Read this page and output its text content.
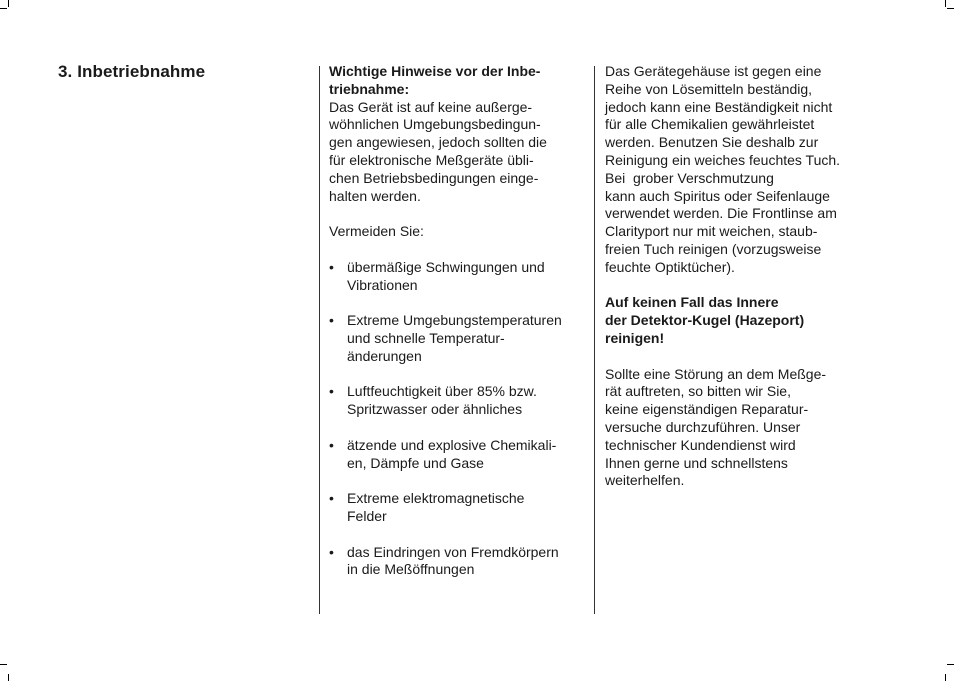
3. Inbetriebnahme	Wichtige Hinweise vor der Inbe-
triebnahme:
Das Gerät ist auf keine außerge-
wöhnlichen Umgebungsbedingun-
gen angewiesen, jedoch sollten die
für elektronische Meßgeräte übli-
chen Betriebsbedingungen einge-
halten werden.
Vermeiden Sie:
• übermäßige Schwingungen und
Vibrationen
• Extreme Umgebungstemperaturen
und schnelle Temperatur-
änderungen
• Luftfeuchtigkeit über 85% bzw.
Spritzwasser oder ähnliches
• ätzende und explosive Chemikali-
en, Dämpfe und Gase
• Extreme elektromagnetische
Felder
• das Eindringen von Fremdkörpern
in die Meßöffnungen
Das Gerätegehäuse ist gegen eine
Reihe von Lösemitteln beständig,
jedoch kann eine Beständigkeit nicht
für alle Chemikalien gewährleistet
werden. Benutzen Sie deshalb zur
Reinigung ein weiches feuchtes Tuch.
Bei  grober Verschmutzung
kann auch Spiritus oder Seifenlauge
verwendet werden. Die Frontlinse am
Clarityport nur mit weichen, staub-
freien Tuch reinigen (vorzugsweise
feuchte Optiktücher).
Auf keinen Fall das Innere
der Detektor-Kugel (Hazeport)
reinigen!
Sollte eine Störung an dem Meßge-
rät auftreten, so bitten wir Sie,
keine eigenständigen Reparatur-
versuche durchzuführen. Unser
technischer Kundendienst wird
Ihnen gerne und schnellstens
weiterhelfen.
